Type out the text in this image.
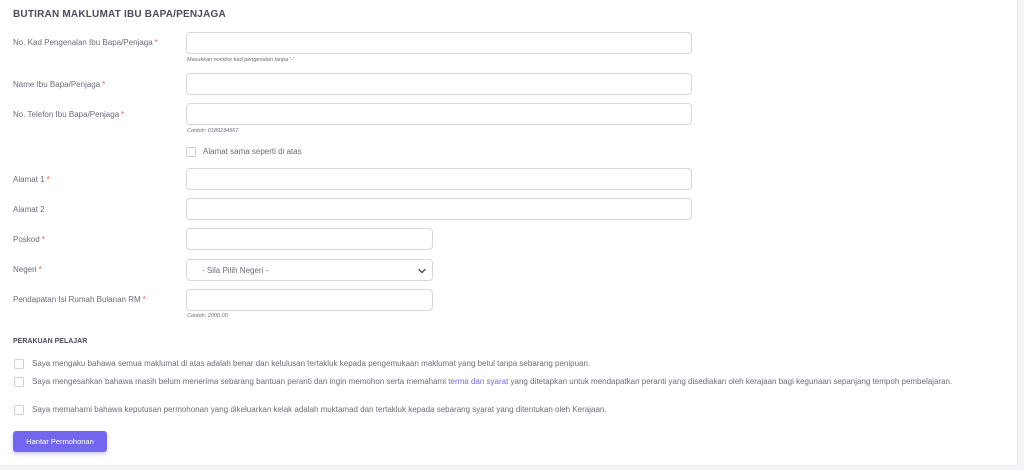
BUTIRAN MAKLUMAT IBU BAPA/PENJAGA
No. Kad Pengenalan Ibu Bapa/Penjaga *
Masukkan nombor kad pengenalan tanpa '-'
Name Ibu Bapa/Penjaga *
No. Telefon Ibu Bapa/Penjaga *
Contoh: 0189234567
Alamat sama seperti di atas
Alamat 1 *
Alamat 2
Poskod *
Negeri *	- Sila Pilih Negeri -
Pendapatan Isi Rumah Bulanan RM *
Contoh: 2000.00
PERAKUAN PELAJAR
Saya mengaku bahawa semua maklumat di atas adalah benar dan kelulusan tertakluk kepada pengemukaan maklumat yang betul tanpa sebarang penipuan.
Saya mengesahkan bahawa masih belum menerima sebarang bantuan peranti dan ingin memohon serta memahami terma dan syarat yang ditetapkan untuk mendapatkan peranti yang disediakan oleh kerajaan bagi kegunaan sepanjang tempoh pembelajaran.
Saya memahami bahawa keputusan permohonan yang dikeluarkan kelak adalah muktamad dan tertakluk kepada sebarang syarat yang ditentukan oleh Kerajaan.
Hantar Permohonan
